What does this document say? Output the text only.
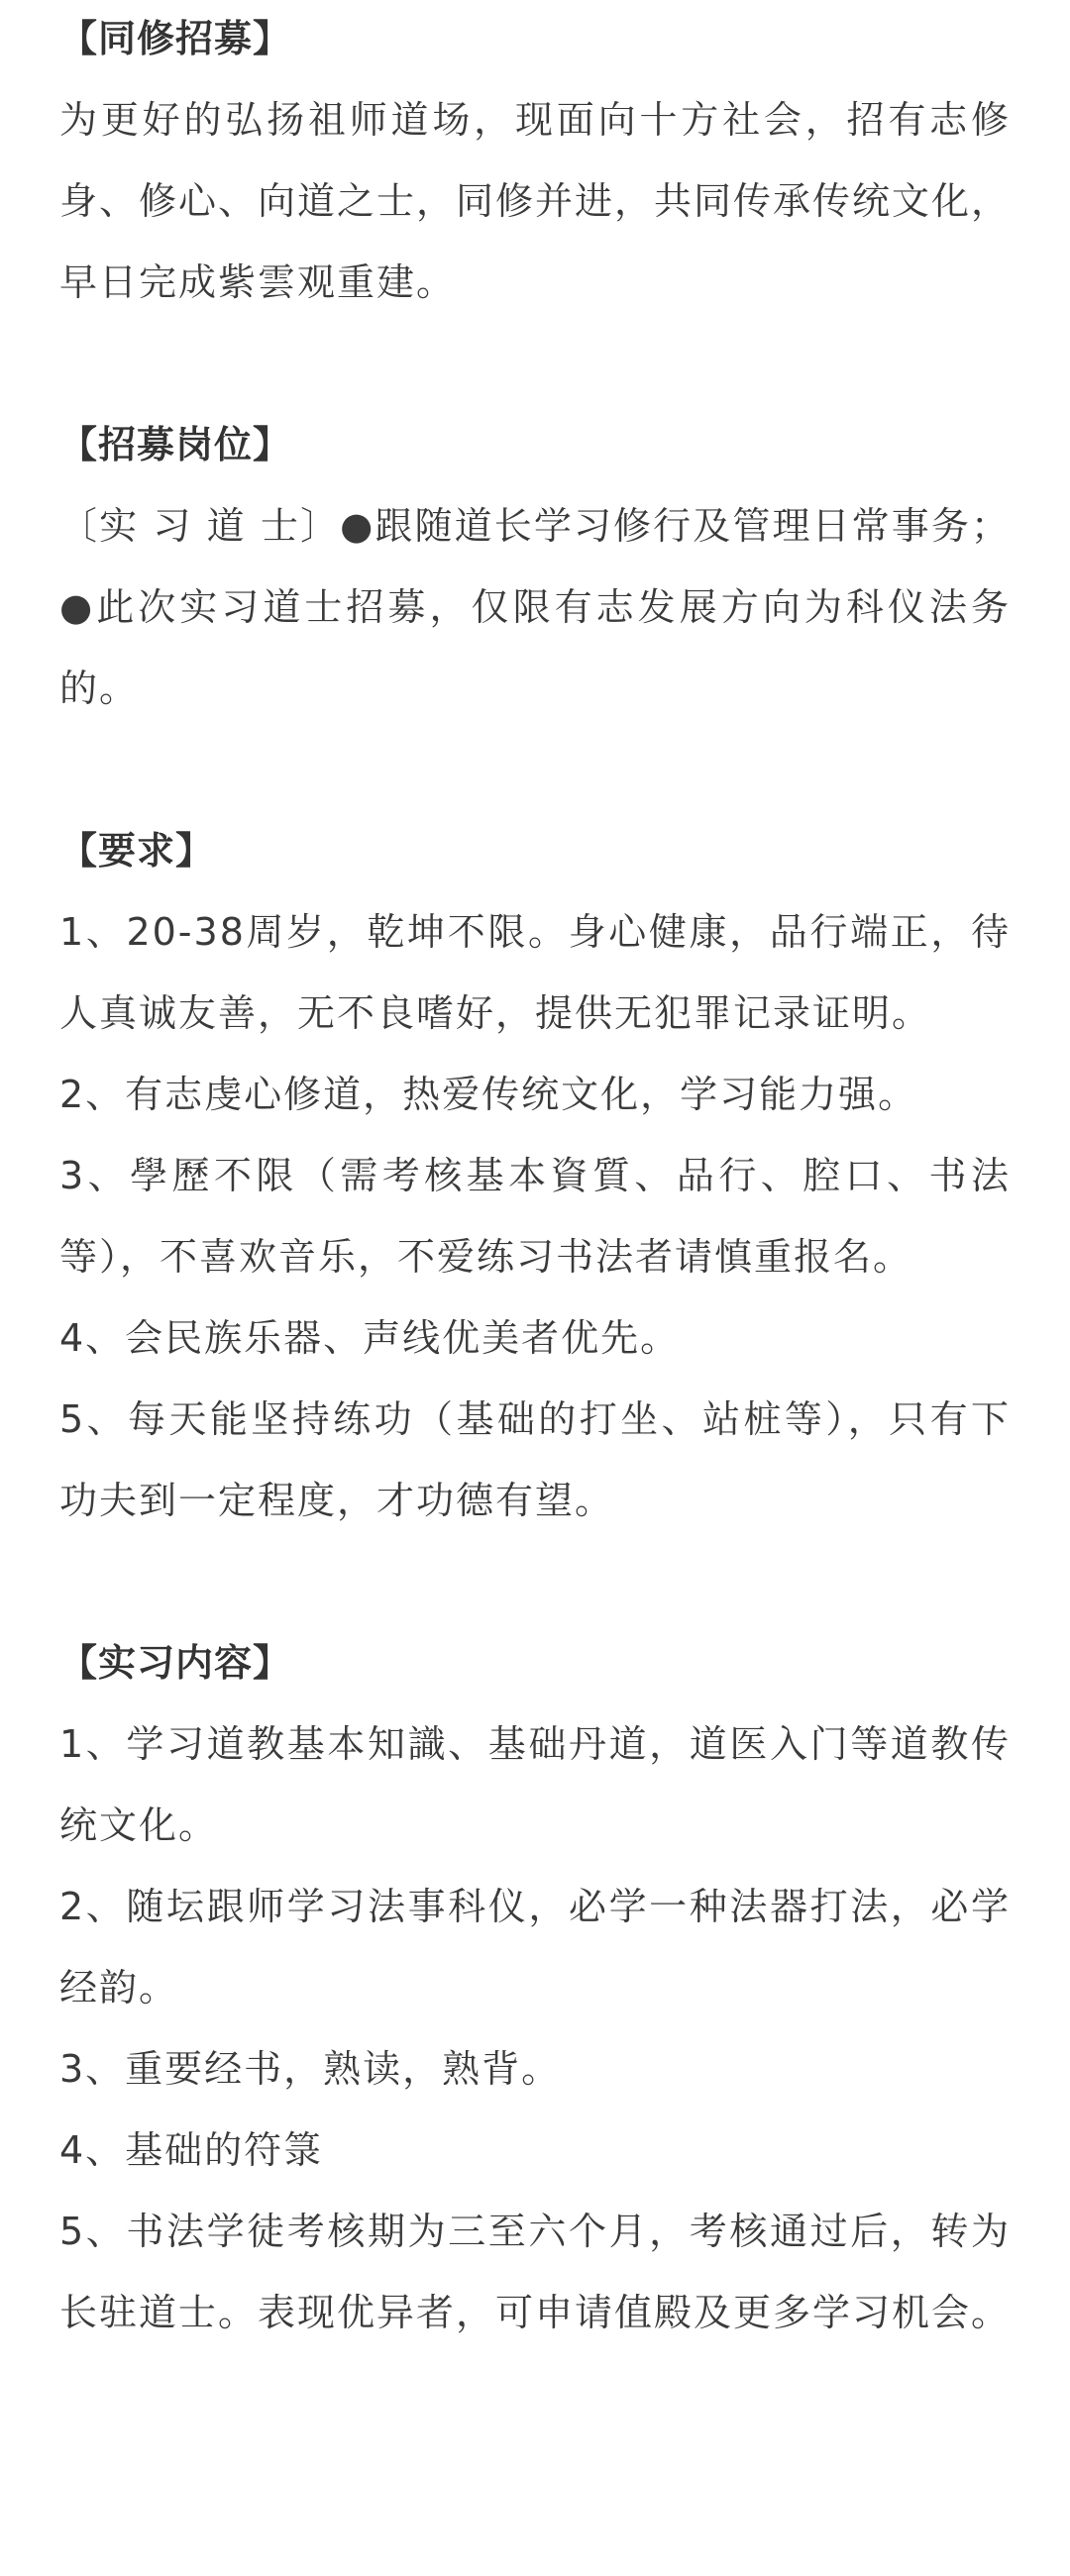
【同修招募】

为更好的弘扬祖师道场，现面向十方社会，招有志修身、修心、向道之士，同修并进，共同传承传统文化，早日完成紫雲观重建。

【招募岗位】

〔实 习 道 士〕●跟随道长学习修行及管理日常事务；●此次实习道士招募，仅限有志发展方向为科仪法务的。

【要求】

1、20-38周岁，乾坤不限。身心健康，品行端正，待人真诚友善，无不良嗜好，提供无犯罪记录证明。

2、有志虔心修道，热爱传统文化，学习能力强。

3、學歷不限（需考核基本資質、品行、腔口、书法等），不喜欢音乐，不爱练习书法者请慎重报名。

4、会民族乐器、声线优美者优先。

5、每天能坚持练功（基础的打坐、站桩等），只有下功夫到一定程度，才功德有望。

【实习内容】

1、学习道教基本知識、基础丹道，道医入门等道教传统文化。

2、随坛跟师学习法事科仪，必学一种法器打法，必学经韵。

3、重要经书，熟读，熟背。

4、基础的符箓

5、书法学徒考核期为三至六个月，考核通过后，转为长驻道士。表现优异者，可申请值殿及更多学习机会。
